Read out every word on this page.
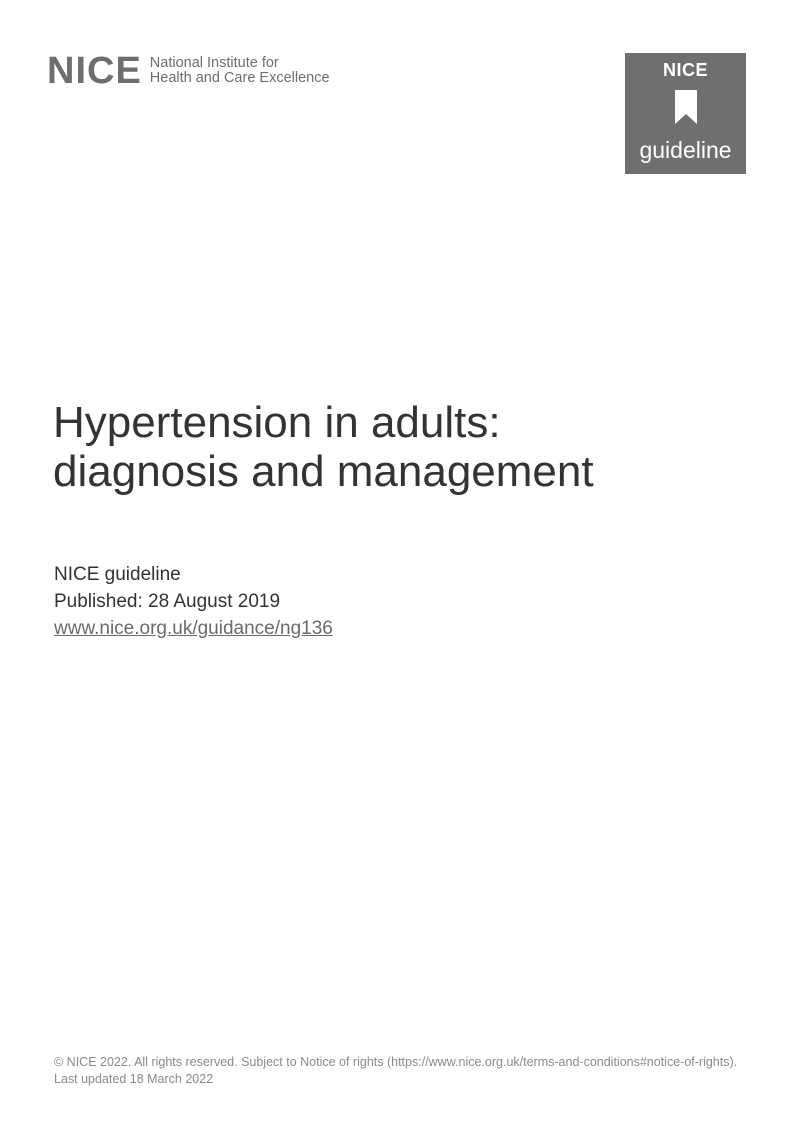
NICE National Institute for
Health and Care Excellence	NICE
guideline
Hypertension in adults:
diagnosis and management
NICE guideline
Published: 28 August 2019
www.nice.org.uk/guidance/ng136
© NICE 2022. All rights reserved. Subject to Notice of rights (https://www.nice.org.uk/terms-and-conditions#notice-of-rights). Last updated 18 March 2022
